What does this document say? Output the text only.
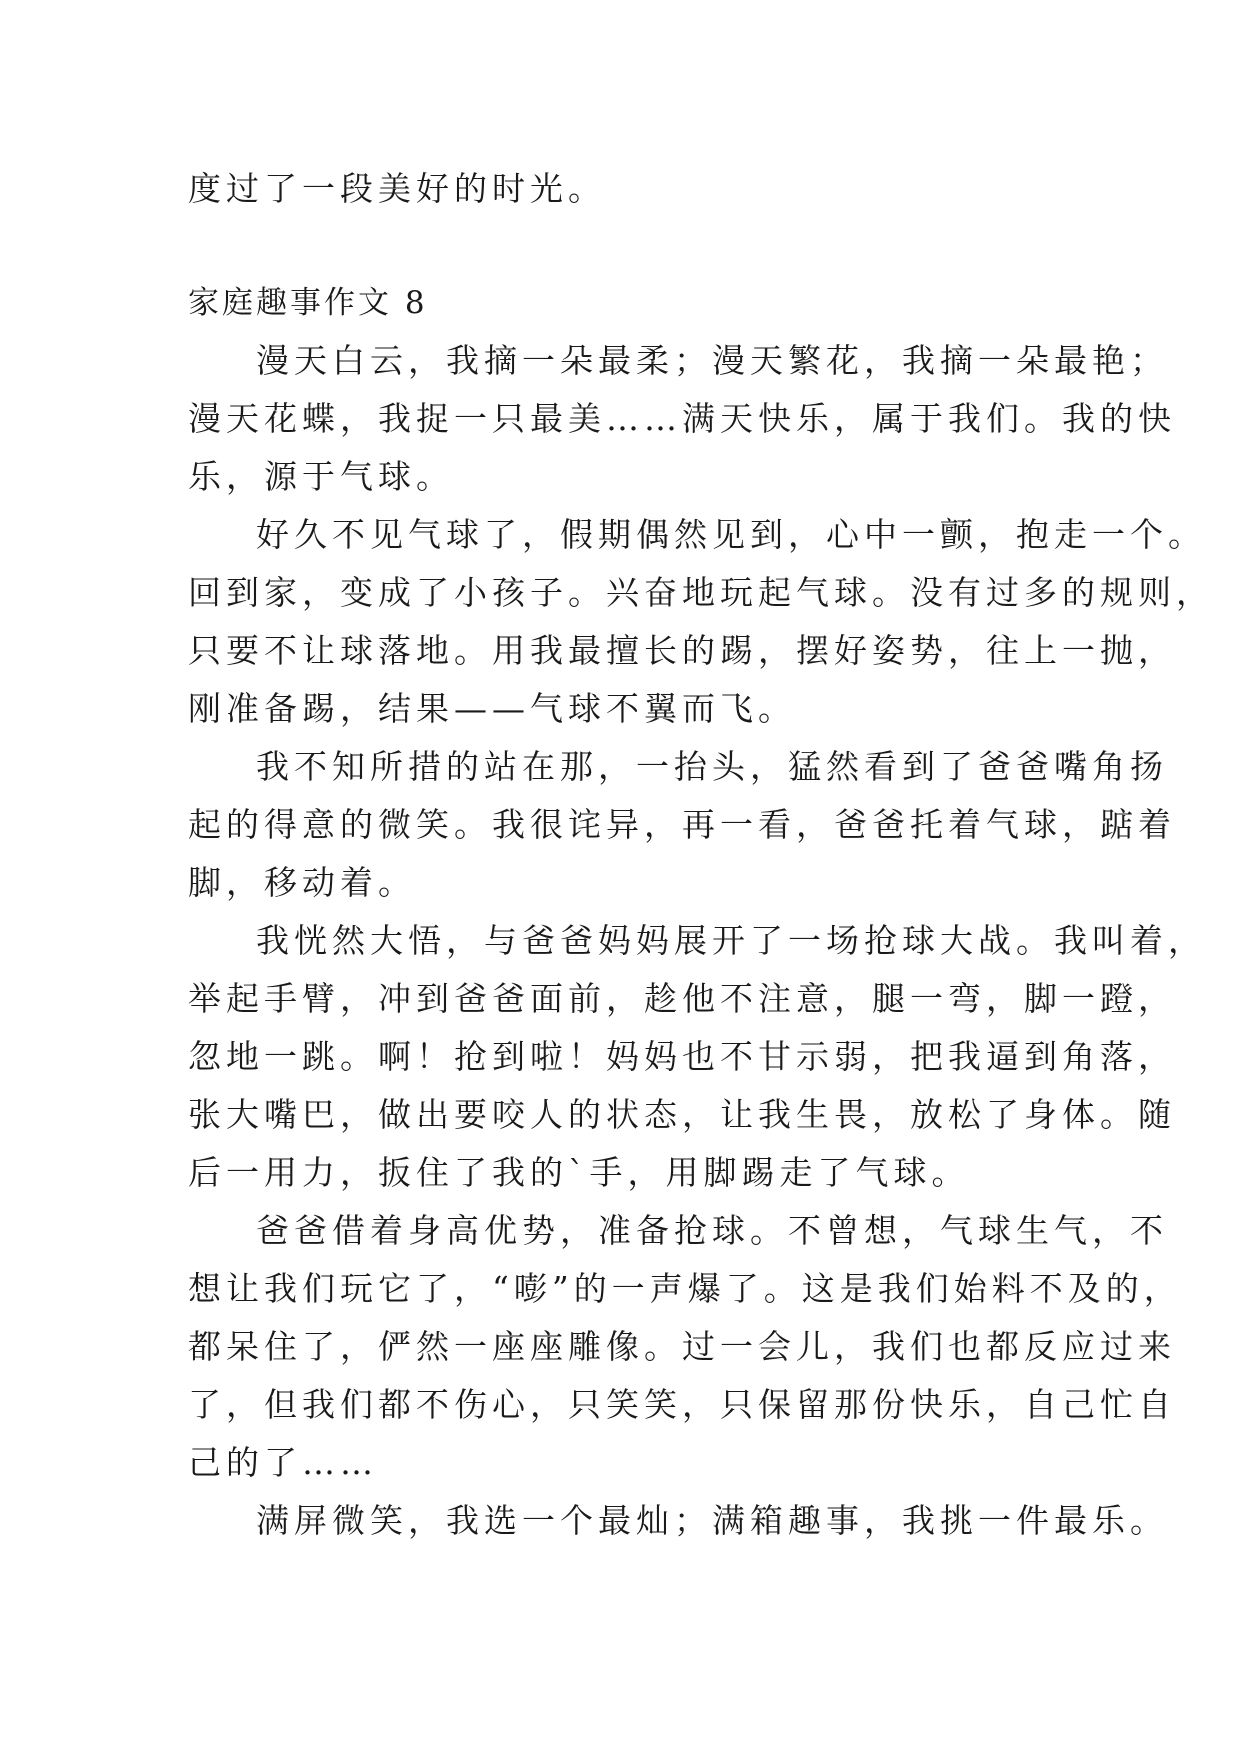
度过了一段美好的时光。
家庭趣事作文 8
漫天白云，我摘一朵最柔；漫天繁花，我摘一朵最艳；
漫天花蝶，我捉一只最美……满天快乐，属于我们。我的快
乐，源于气球。
好久不见气球了，假期偶然见到，心中一颤，抱走一个。
回到家，变成了小孩子。兴奋地玩起气球。没有过多的规则，
只要不让球落地。用我最擅长的踢，摆好姿势，往上一抛，
刚准备踢，结果——气球不翼而飞。
我不知所措的站在那，一抬头，猛然看到了爸爸嘴角扬
起的得意的微笑。我很诧异，再一看，爸爸托着气球，踮着
脚，移动着。
我恍然大悟，与爸爸妈妈展开了一场抢球大战。我叫着，
举起手臂，冲到爸爸面前，趁他不注意，腿一弯，脚一蹬，
忽地一跳。啊！抢到啦！妈妈也不甘示弱，把我逼到角落，
张大嘴巴，做出要咬人的状态，让我生畏，放松了身体。随
后一用力，扳住了我的`手，用脚踢走了气球。
爸爸借着身高优势，准备抢球。不曾想，气球生气，不
想让我们玩它了，“嘭”的一声爆了。这是我们始料不及的，
都呆住了，俨然一座座雕像。过一会儿，我们也都反应过来
了，但我们都不伤心，只笑笑，只保留那份快乐，自己忙自
己的了……
满屏微笑，我选一个最灿；满箱趣事，我挑一件最乐。
